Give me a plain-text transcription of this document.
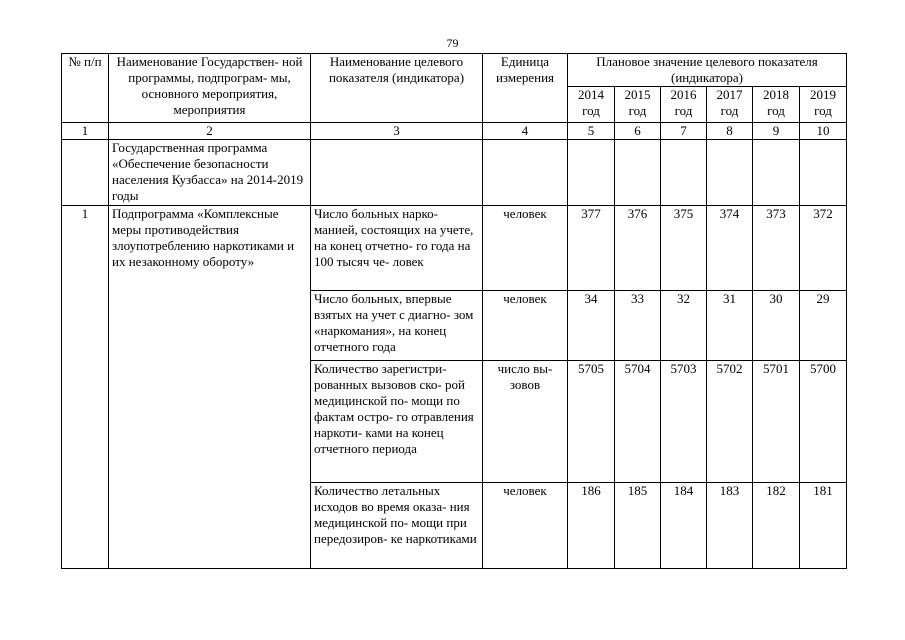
79
№ п/п	Наименование Государствен- ной программы, подпрограм- мы, основного мероприятия, мероприятия	Наименование целевого показателя (индикатора)	Единица измерения	Плановое значение целевого показателя (индикатора)					
				2014 год	2015 год	2016 год	2017 год	2018 год	2019 год
1	2	3	4	5	6	7	8	9	10
	Государственная программа «Обеспечение безопасности населения Кузбасса» на 2014-2019 годы								
1	Подпрограмма «Комплексные меры противодействия злоупотреблению наркотиками и их незаконному обороту»	Число больных нарко- манией, состоящих на учете, на конец отчетно- го года на 100 тысяч че- ловек	человек	377	376	375	374	373	372
		Число больных, впервые взятых на учет с диагно- зом «наркомания», на конец отчетного года	человек	34	33	32	31	30	29
		Количество зарегистри- рованных вызовов ско- рой медицинской по- мощи по фактам остро- го отравления наркоти- ками на конец отчетного периода	число вы- зовов	5705	5704	5703	5702	5701	5700
		Количество летальных исходов во время оказа- ния медицинской по- мощи при передозиров- ке наркотиками	человек	186	185	184	183	182	181
